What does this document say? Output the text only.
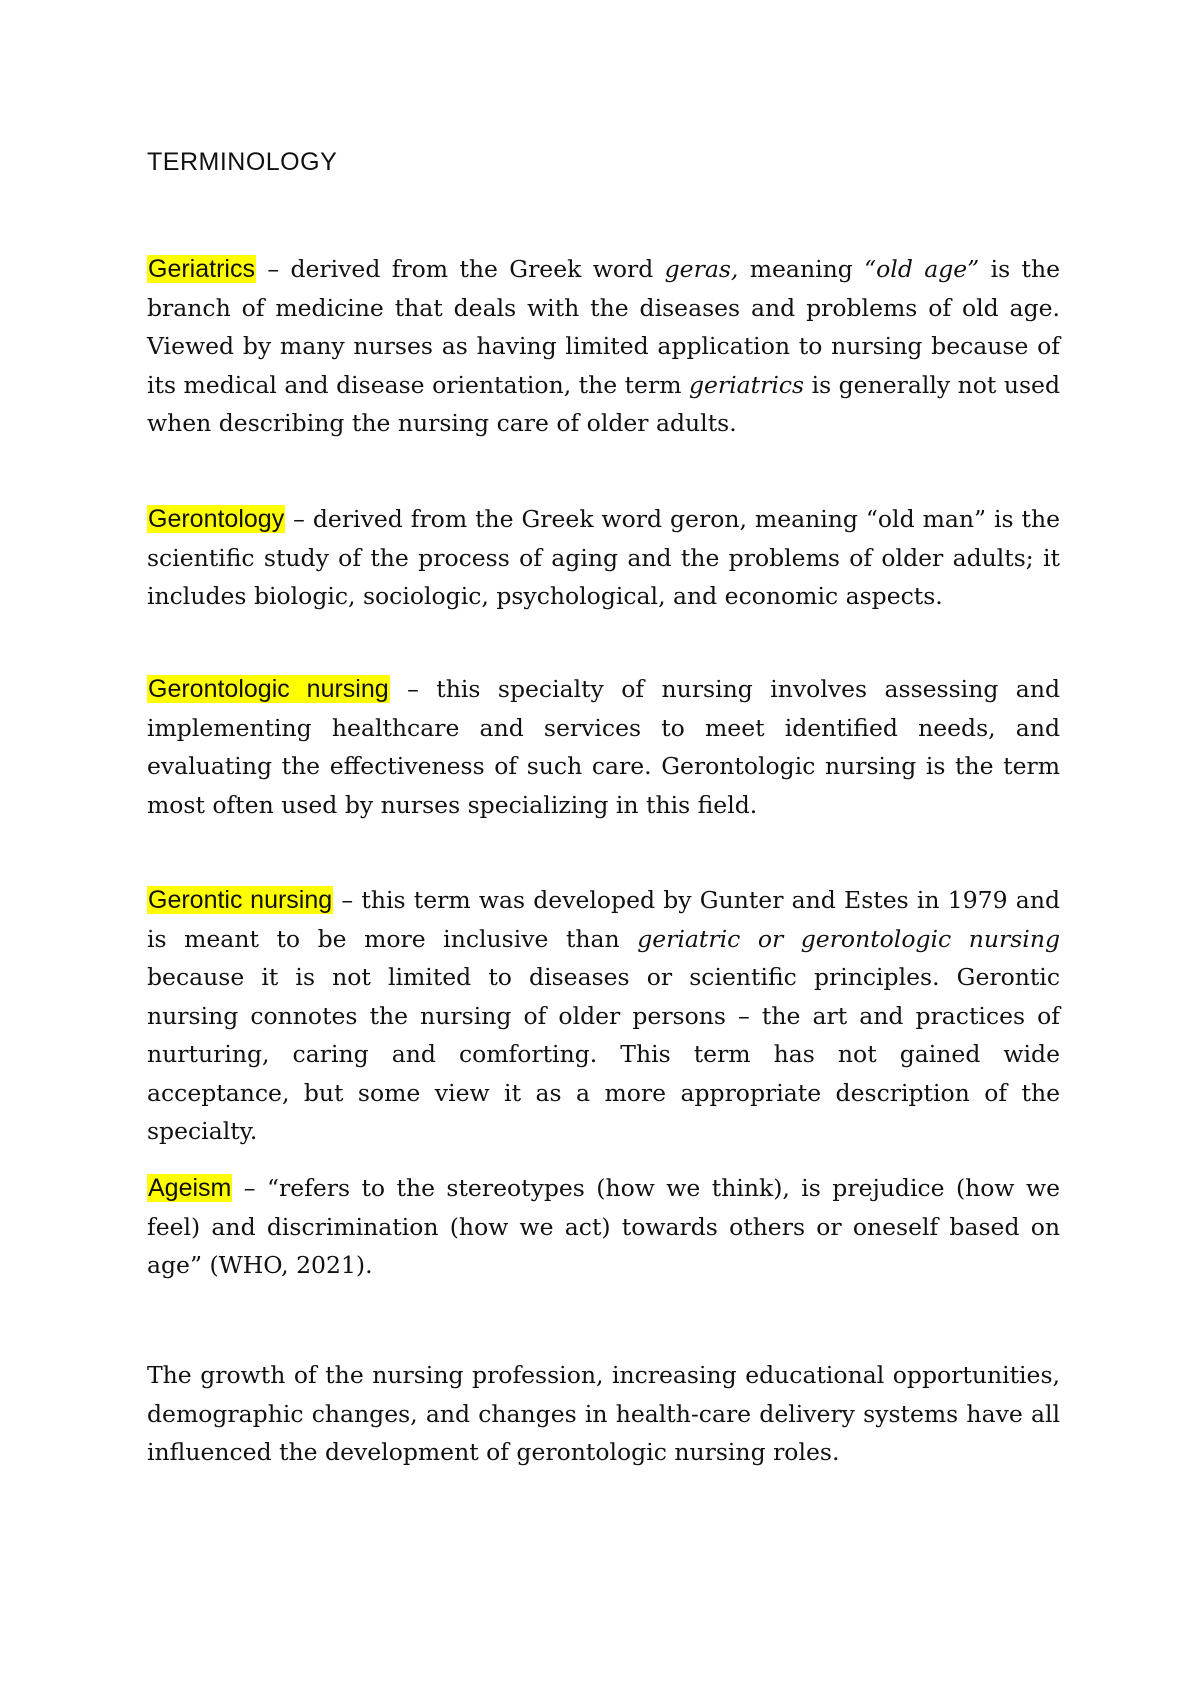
TERMINOLOGY

Geriatrics – derived from the Greek word geras, meaning “old age” is the branch of medicine that deals with the diseases and problems of old age. Viewed by many nurses as having limited application to nursing because of its medical and disease orientation, the term geriatrics is generally not used when describing the nursing care of older adults.

Gerontology – derived from the Greek word geron, meaning “old man” is the scientific study of the process of aging and the problems of older adults; it includes biologic, sociologic, psychological, and economic aspects.

Gerontologic nursing – this specialty of nursing involves assessing and implementing healthcare and services to meet identified needs, and evaluating the effectiveness of such care. Gerontologic nursing is the term most often used by nurses specializing in this field.

Gerontic nursing – this term was developed by Gunter and Estes in 1979 and is meant to be more inclusive than geriatric or gerontologic nursing because it is not limited to diseases or scientific principles. Gerontic nursing connotes the nursing of older persons – the art and practices of nurturing, caring and comforting. This term has not gained wide acceptance, but some view it as a more appropriate description of the specialty.

Ageism – “refers to the stereotypes (how we think), is prejudice (how we feel) and discrimination (how we act) towards others or oneself based on age” (WHO, 2021).

The growth of the nursing profession, increasing educational opportunities, demographic changes, and changes in health-care delivery systems have all influenced the development of gerontologic nursing roles.
